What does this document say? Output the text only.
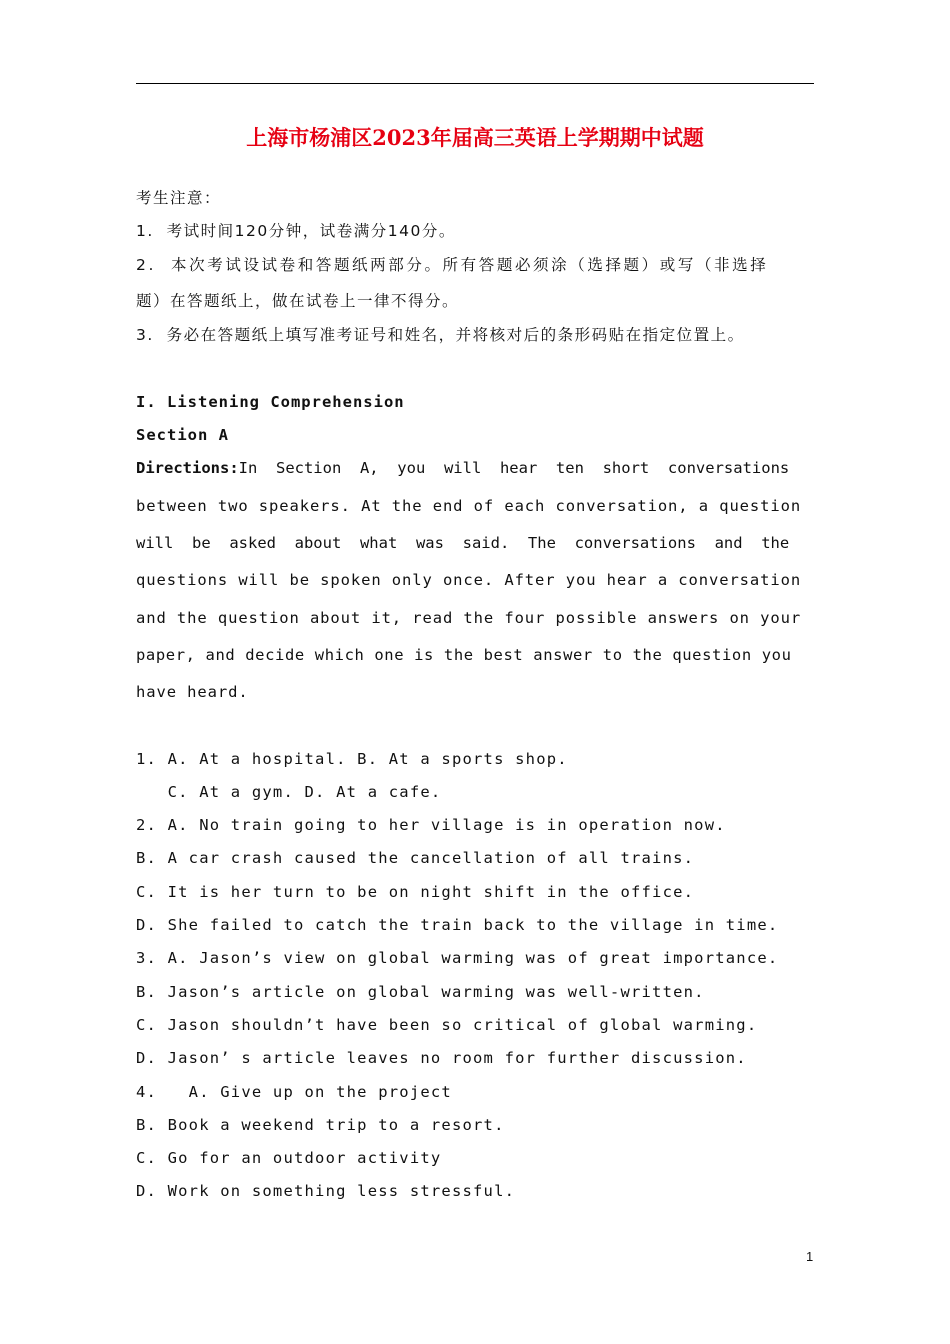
上海市杨浦区2023年届高三英语上学期期中试题
考生注意：
1.  考试时间120分钟，试卷满分140分。
2.  本次考试设试卷和答题纸两部分。所有答题必须涂（选择题）或写（非选择
题）在答题纸上，做在试卷上一律不得分。
3.  务必在答题纸上填写准考证号和姓名，并将核对后的条形码贴在指定位置上。
I. Listening Comprehension
Section A
Directions:In  Section  A,  you  will  hear  ten  short  conversations
between two speakers. At the end of each conversation, a question
will  be  asked  about  what  was  said.  The  conversations  and  the
questions will be spoken only once. After you hear a conversation
and the question about it, read the four possible answers on your
paper, and decide which one is the best answer to the question you
have heard.
1. A. At a hospital. B. At a sports shop.
C. At a gym. D. At a cafe.
2. A. No train going to her village is in operation now.
B. A car crash caused the cancellation of all trains.
C. It is her turn to be on night shift in the office.
D. She failed to catch the train back to the village in time.
3. A. Jason’s view on global warming was of great importance.
B. Jason’s article on global warming was well-written.
C. Jason shouldn’t have been so critical of global warming.
D. Jason’ s article leaves no room for further discussion.
4.   A. Give up on the project
B. Book a weekend trip to a resort.
C. Go for an outdoor activity
D. Work on something less stressful.
1
